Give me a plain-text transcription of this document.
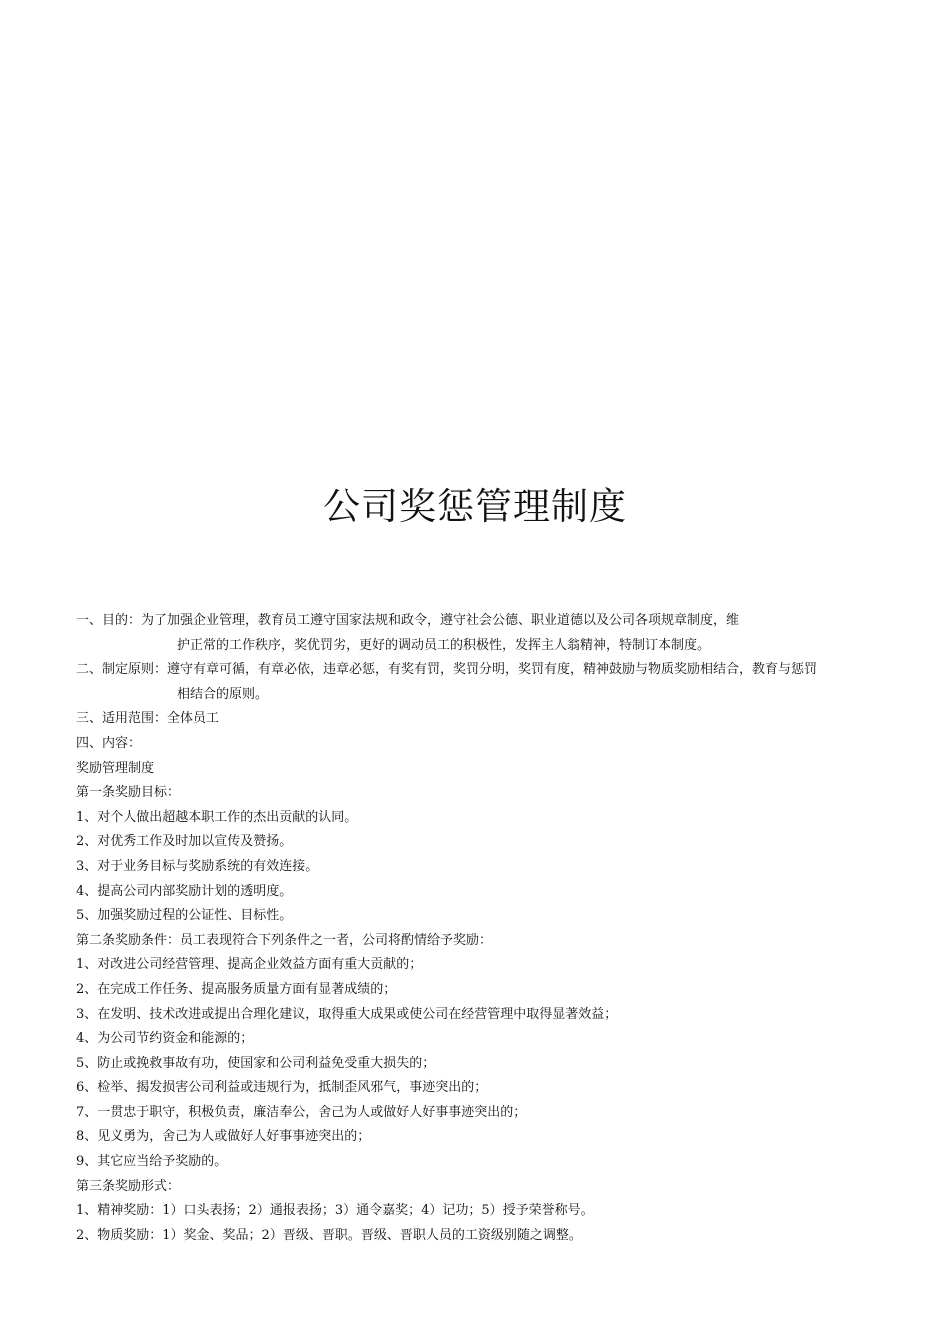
公司奖惩管理制度
一、目的：为了加强企业管理，教育员工遵守国家法规和政令，遵守社会公德、职业道德以及公司各项规章制度，维
护正常的工作秩序，奖优罚劣，更好的调动员工的积极性，发挥主人翁精神，特制订本制度。
二、制定原则：遵守有章可循，有章必依，违章必惩，有奖有罚，奖罚分明，奖罚有度，精神鼓励与物质奖励相结合，教育与惩罚
相结合的原则。
三、适用范围：全体员工
四、内容：
奖励管理制度
第一条奖励目标：
1、对个人做出超越本职工作的杰出贡献的认同。
2、对优秀工作及时加以宣传及赞扬。
3、对于业务目标与奖励系统的有效连接。
4、提高公司内部奖励计划的透明度。
5、加强奖励过程的公证性、目标性。
第二条奖励条件：员工表现符合下列条件之一者，公司将酌情给予奖励：
1、对改进公司经营管理、提高企业效益方面有重大贡献的；
2、在完成工作任务、提高服务质量方面有显著成绩的；
3、在发明、技术改进或提出合理化建议，取得重大成果或使公司在经营管理中取得显著效益；
4、为公司节约资金和能源的；
5、防止或挽救事故有功，使国家和公司利益免受重大损失的；
6、检举、揭发损害公司利益或违规行为，抵制歪风邪气，事迹突出的；
7、一贯忠于职守，积极负责，廉洁奉公，舍己为人或做好人好事事迹突出的；
8、见义勇为，舍己为人或做好人好事事迹突出的；
9、其它应当给予奖励的。
第三条奖励形式：
1、精神奖励：1）口头表扬；2）通报表扬；3）通令嘉奖；4）记功；5）授予荣誉称号。
2、物质奖励：1）奖金、奖品；2）晋级、晋职。晋级、晋职人员的工资级别随之调整。
